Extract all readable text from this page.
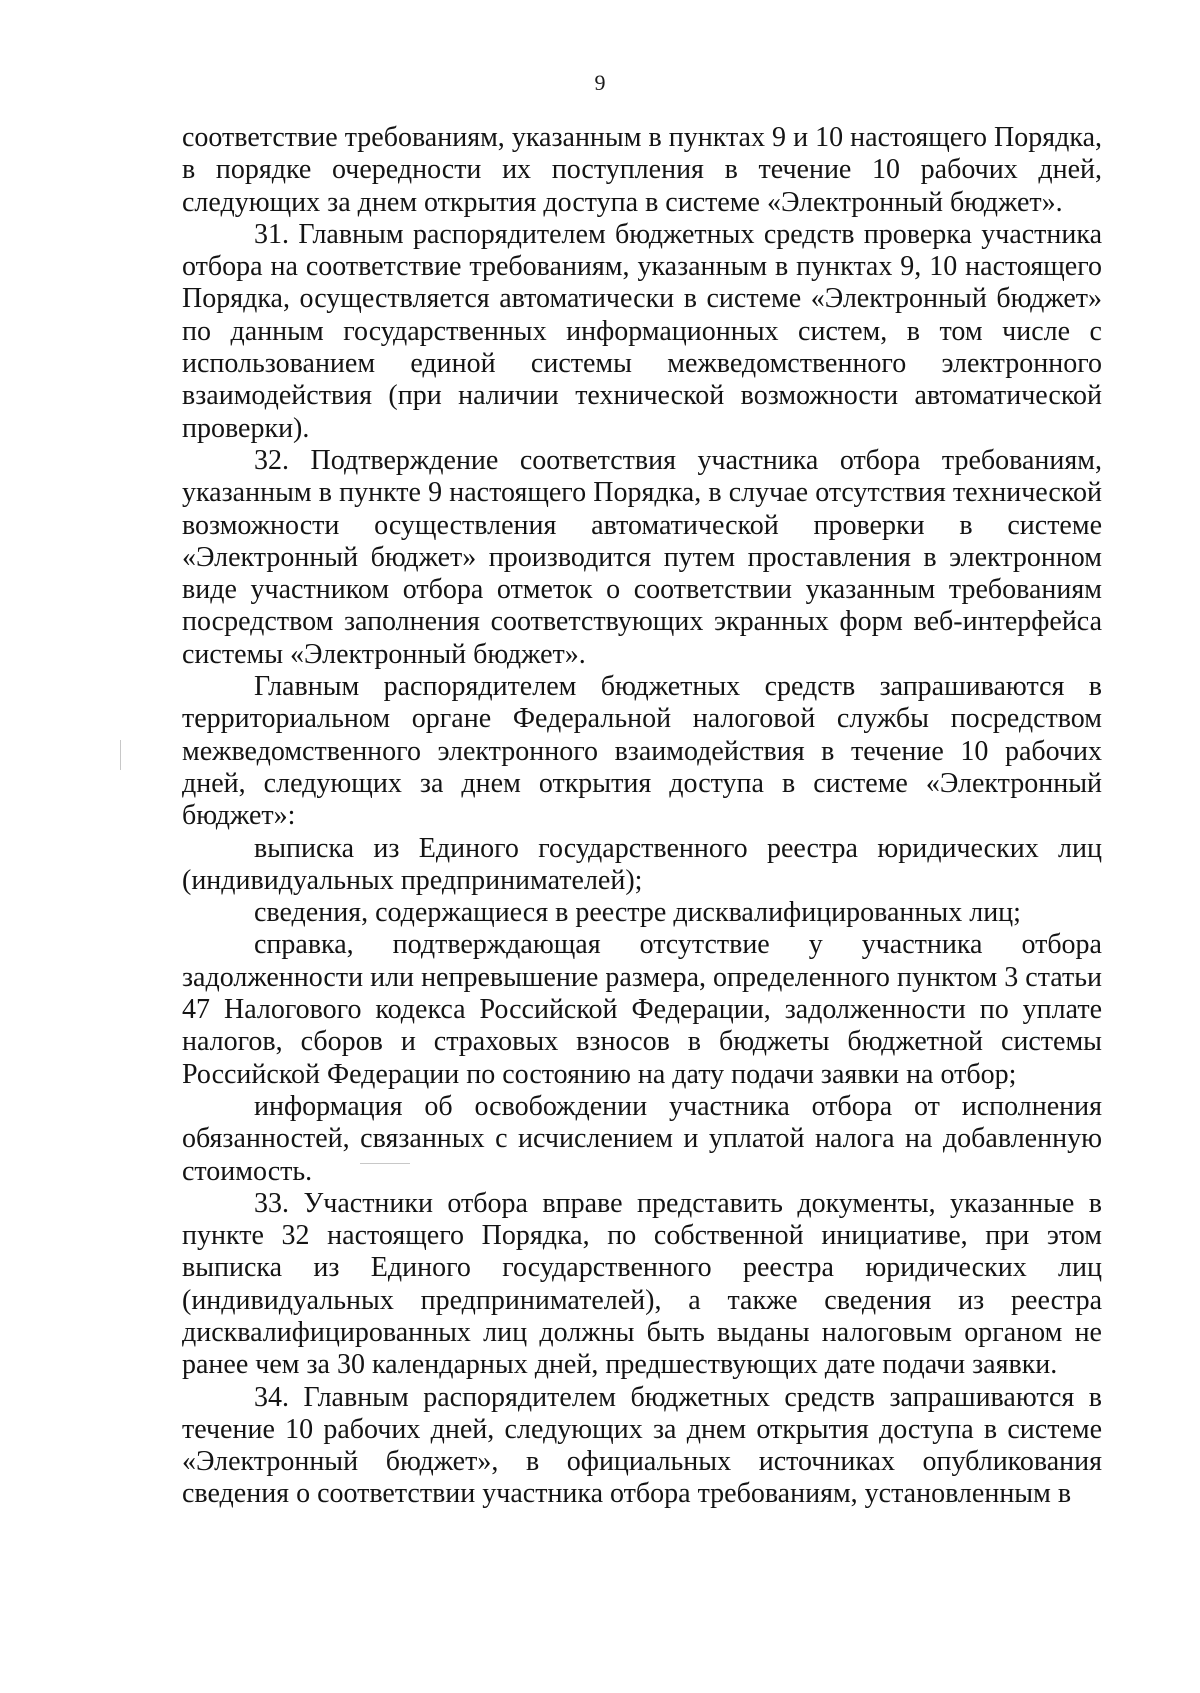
9

соответствие требованиям, указанным в пунктах 9 и 10 настоящего Порядка, в порядке очередности их поступления в течение 10 рабочих дней, следующих за днем открытия доступа в системе «Электронный бюджет».

31. Главным распорядителем бюджетных средств проверка участника отбора на соответствие требованиям, указанным в пунктах 9, 10 настоящего Порядка, осуществляется автоматически в системе «Электронный бюджет» по данным государственных информационных систем, в том числе с использованием единой системы межведомственного электронного взаимодействия (при наличии технической возможности автоматической проверки).

32. Подтверждение соответствия участника отбора требованиям, указанным в пункте 9 настоящего Порядка, в случае отсутствия технической возможности осуществления автоматической проверки в системе «Электронный бюджет» производится путем проставления в электронном виде участником отбора отметок о соответствии указанным требованиям посредством заполнения соответствующих экранных форм веб-интерфейса системы «Электронный бюджет».

Главным распорядителем бюджетных средств запрашиваются в территориальном органе Федеральной налоговой службы посредством межведомственного электронного взаимодействия в течение 10 рабочих дней, следующих за днем открытия доступа в системе «Электронный бюджет»:

выписка из Единого государственного реестра юридических лиц (индивидуальных предпринимателей);

сведения, содержащиеся в реестре дисквалифицированных лиц;

справка, подтверждающая отсутствие у участника отбора задолженности или непревышение размера, определенного пунктом 3 статьи 47 Налогового кодекса Российской Федерации, задолженности по уплате налогов, сборов и страховых взносов в бюджеты бюджетной системы Российской Федерации по состоянию на дату подачи заявки на отбор;

информация об освобождении участника отбора от исполнения обязанностей, связанных с исчислением и уплатой налога на добавленную стоимость.

33. Участники отбора вправе представить документы, указанные в пункте 32 настоящего Порядка, по собственной инициативе, при этом выписка из Единого государственного реестра юридических лиц (индивидуальных предпринимателей), а также сведения из реестра дисквалифицированных лиц должны быть выданы налоговым органом не ранее чем за 30 календарных дней, предшествующих дате подачи заявки.

34. Главным распорядителем бюджетных средств запрашиваются в течение 10 рабочих дней, следующих за днем открытия доступа в системе «Электронный бюджет», в официальных источниках опубликования сведения о соответствии участника отбора требованиям, установленным в
